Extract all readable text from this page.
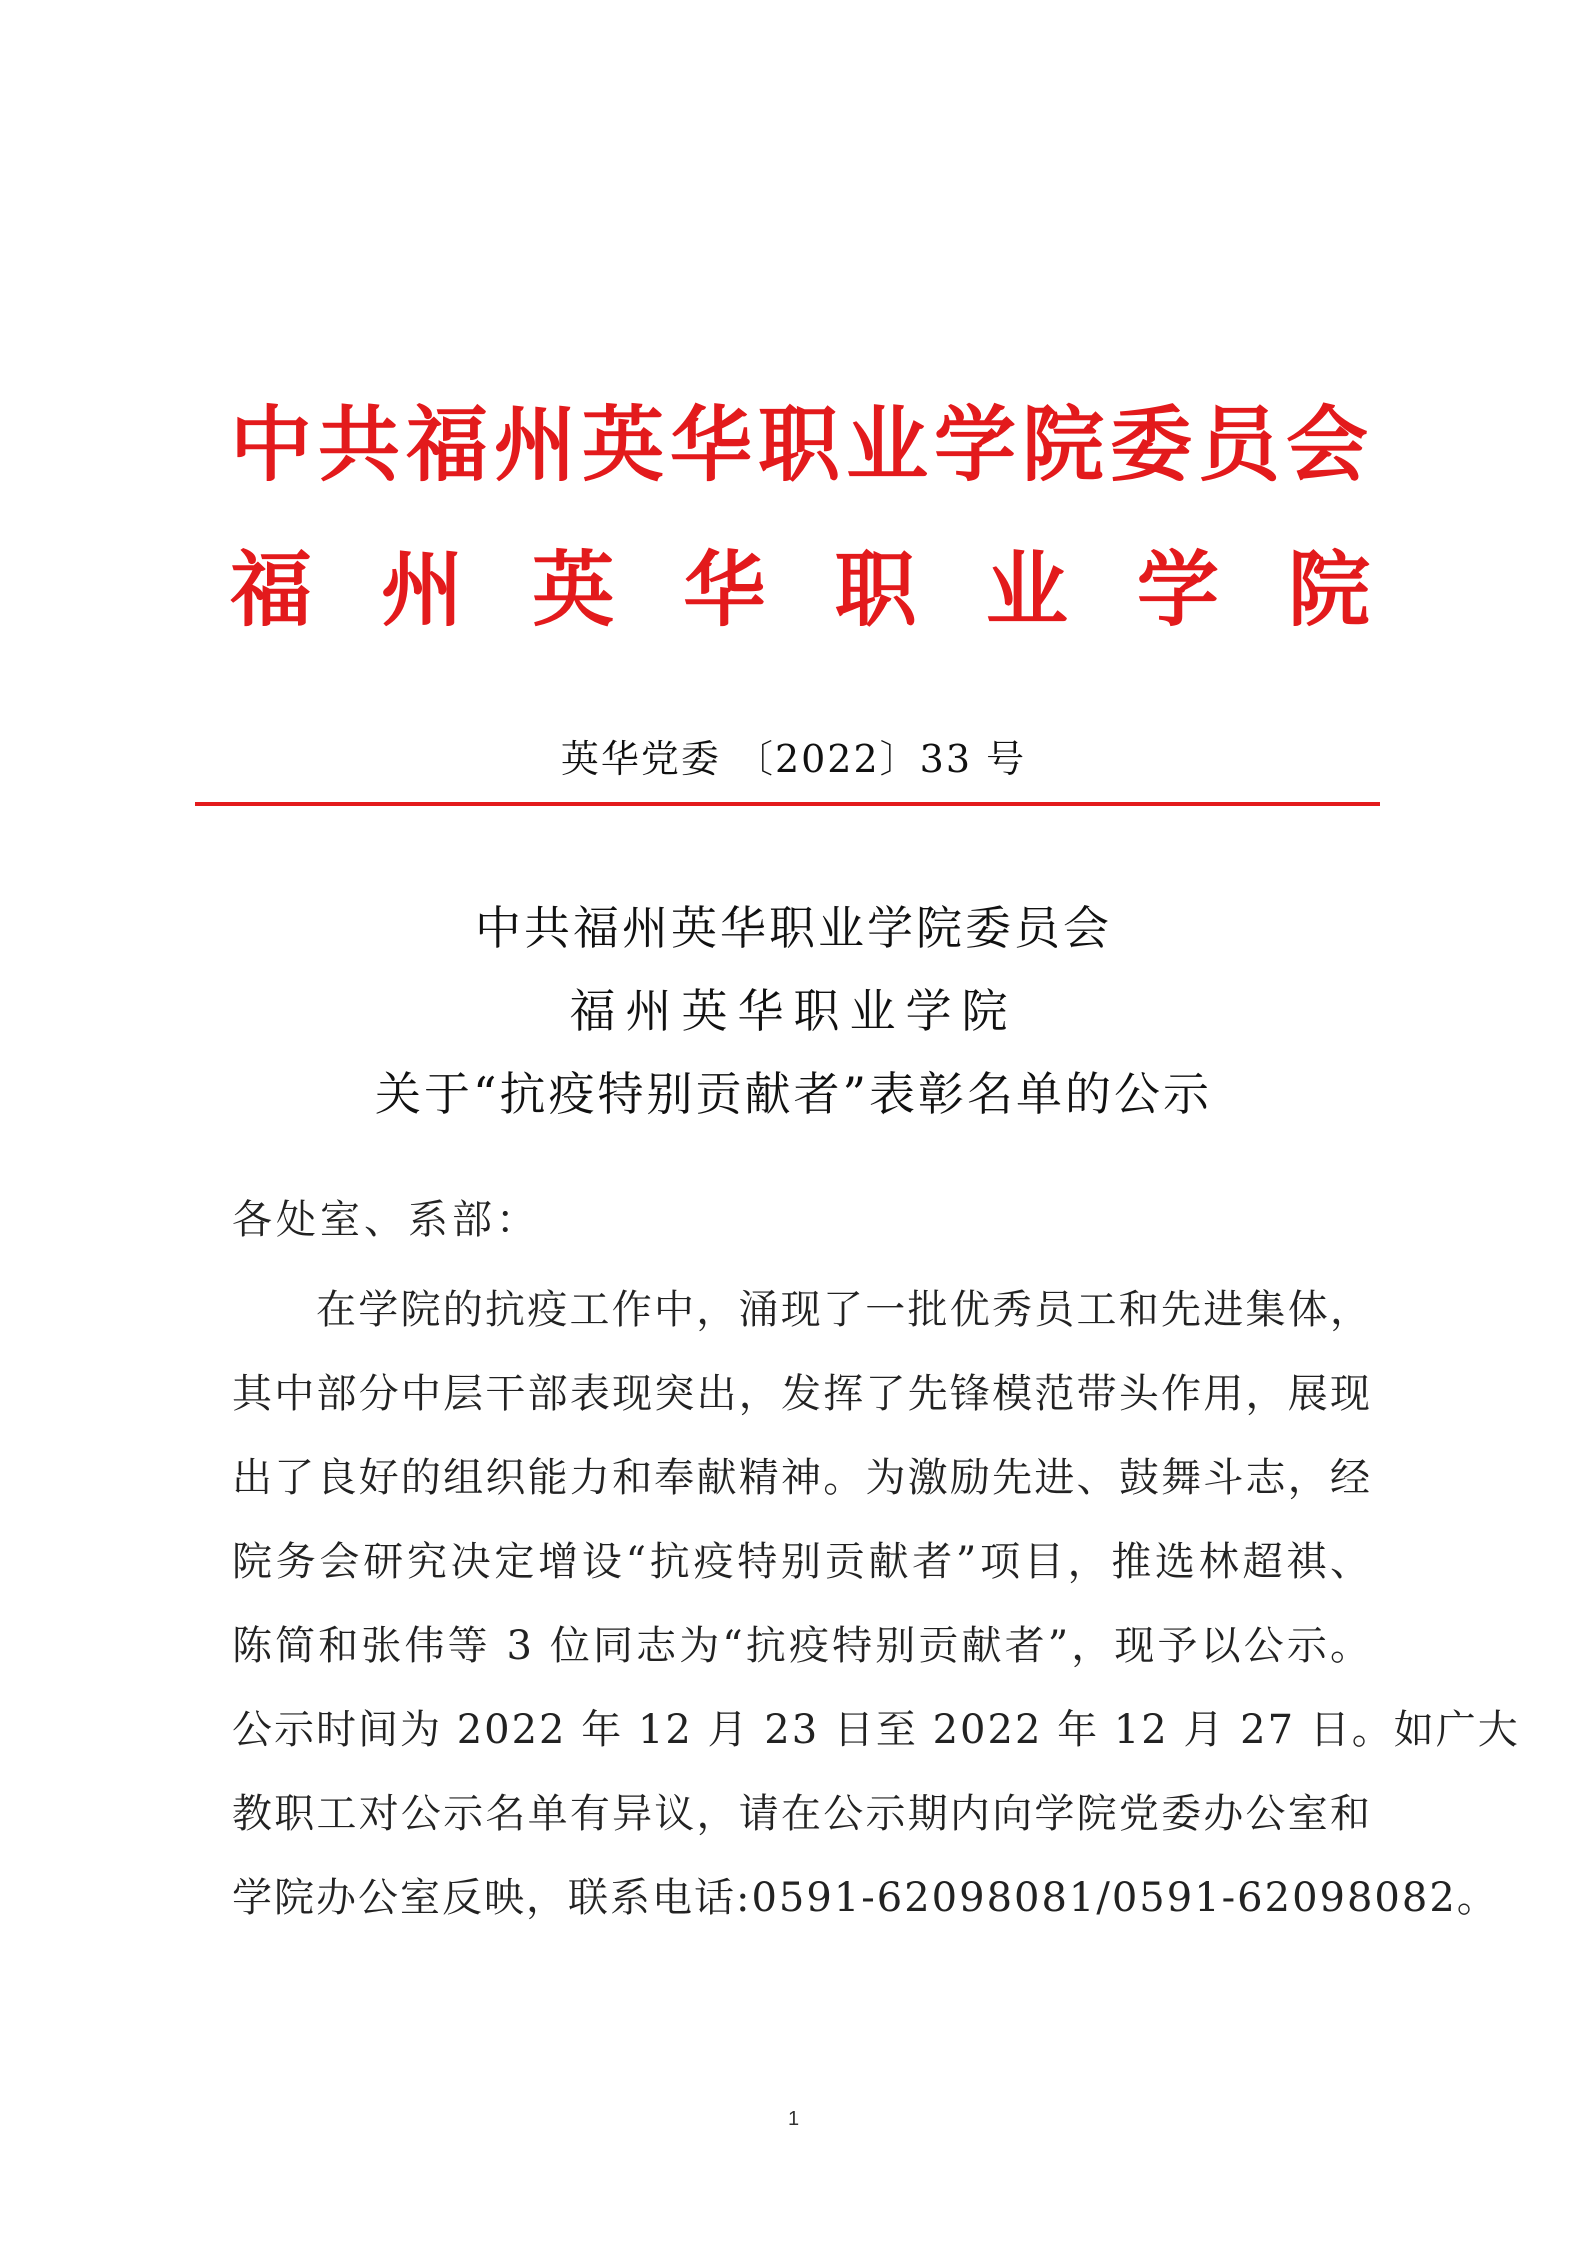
中共福州英华职业学院委员会
福 州 英 华 职 业 学 院
英华党委 〔2022〕33 号
中共福州英华职业学院委员会
福州英华职业学院
关于“抗疫特别贡献者”表彰名单的公示
各处室、系部：
在学院的抗疫工作中，涌现了一批优秀员工和先进集体，
其中部分中层干部表现突出，发挥了先锋模范带头作用，展现
出了良好的组织能力和奉献精神。为激励先进、鼓舞斗志，经
院务会研究决定增设“抗疫特别贡献者”项目，推选林超祺、
陈简和张伟等 3 位同志为“抗疫特别贡献者”，现予以公示。
公示时间为 2022 年 12 月 23 日至 2022 年 12 月 27 日。如广大
教职工对公示名单有异议，请在公示期内向学院党委办公室和
学院办公室反映，联系电话:0591-62098081/0591-62098082。
1
